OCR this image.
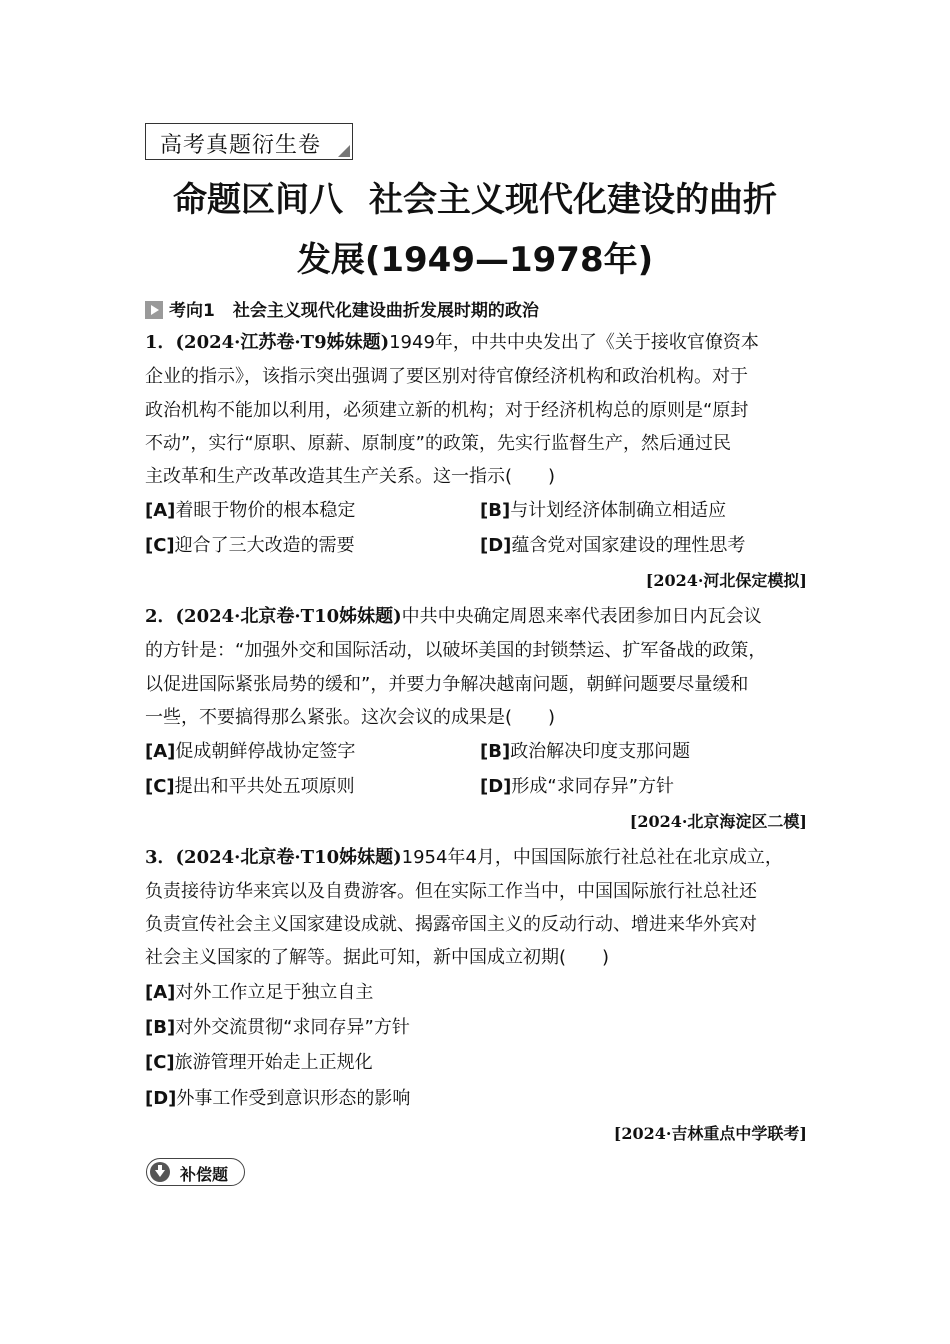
高考真题衍生卷
命题区间八 社会主义现代化建设的曲折
发展(1949—1978年)
考向1 社会主义现代化建设曲折发展时期的政治
1．(2024·江苏卷·T9姊妹题)1949年，中共中央发出了《关于接收官僚资本
企业的指示》，该指示突出强调了要区别对待官僚经济机构和政治机构。对于
政治机构不能加以利用，必须建立新的机构；对于经济机构总的原则是“原封
不动”，实行“原职、原薪、原制度”的政策，先实行监督生产，然后通过民
主改革和生产改革改造其生产关系。这一指示(　　)
[A]着眼于物价的根本稳定	[B]与计划经济体制确立相适应
[C]迎合了三大改造的需要	[D]蕴含党对国家建设的理性思考
[2024·河北保定模拟]
2．(2024·北京卷·T10姊妹题)中共中央确定周恩来率代表团参加日内瓦会议
的方针是：“加强外交和国际活动，以破坏美国的封锁禁运、扩军备战的政策，
以促进国际紧张局势的缓和”，并要力争解决越南问题，朝鲜问题要尽量缓和
一些，不要搞得那么紧张。这次会议的成果是(　　)
[A]促成朝鲜停战协定签字	[B]政治解决印度支那问题
[C]提出和平共处五项原则	[D]形成“求同存异”方针
[2024·北京海淀区二模]
3．(2024·北京卷·T10姊妹题)1954年4月，中国国际旅行社总社在北京成立，
负责接待访华来宾以及自费游客。但在实际工作当中，中国国际旅行社总社还
负责宣传社会主义国家建设成就、揭露帝国主义的反动行动、增进来华外宾对
社会主义国家的了解等。据此可知，新中国成立初期(　　)
[A]对外工作立足于独立自主
[B]对外交流贯彻“求同存异”方针
[C]旅游管理开始走上正规化
[D]外事工作受到意识形态的影响
[2024·吉林重点中学联考]
补偿题
